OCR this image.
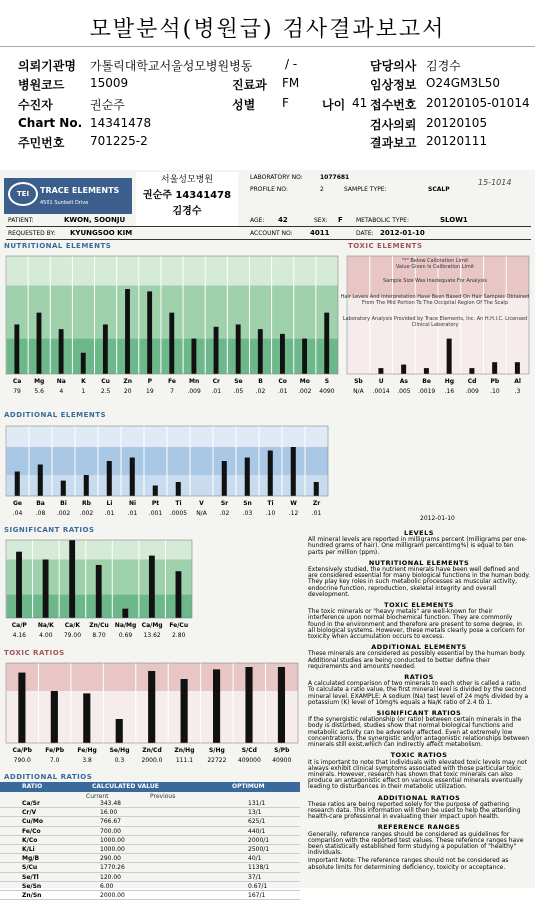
모발분석(병원급) 검사결과보고서
의뢰기관명 가톨릭대학교서울성모병원병동	/ -	담당의사 김경수
병원코드 15009	진료과 FM	임상정보 O24GM3L50
수진자	권순주	성별 F	나이 41 접수번호 20120105-01014
Chart No. 14341478	검사의뢰 20120105
주민번호 701225-2	결과보고 20120111
TEI	TRACE ELEMENTS
4501 Sunbelt Drive
서울성모병원
권순주 14341478
김경수
15-1014
LABORATORY NO:	1077681
PROFILE NO:	2	SAMPLE TYPE:	SCALP
PATIENT:	KWON, SOONJU	AGE: 42	SEX: F METABOLIC TYPE:	SLOW1
REQUESTED BY: KYUNGSOO KIM	ACCOUNT NO: 4011	DATE: 2012-01-10
NUTRITIONAL ELEMENTS	TOXIC ELEMENTS
ADDITIONAL ELEMENTS
SIGNIFICANT RATIOS
TOXIC RATIOS
ADDITIONAL RATIOS
Ca
79
Mg
5.6
Na
4
K
1
Cu
2.5
Zn
20
P
19
Fe
7
Mn
.009
Cr
.01
Se
.05
B
.02
Co
.01
Mo
.002
S
4090
Sb
N/A
U
.0014
As
.005
Be
.0019
Hg
.16
Cd
.009
Pb
.10
Al
.3
Ge
.04
Ba
.08
Bi
.002
Rb
.002
Li
.01
Ni
.01
Pt
.001
Ti
.0005
V
N/A
Sr
.02
Sn
.03
Ti
.10
W
.12
Zr
.01
2012-01-10
Ca/P
4.16
Na/K
4.00
Ca/K
79.00
Zn/Cu
8.70
Na/Mg
0.69
Ca/Mg
13.62
Fe/Cu
2.80
Ca/Pb
790.0
Fe/Pb
7.0
Fe/Hg
3.8
Se/Hg
0.3
Zn/Cd
2000.0
Zn/Hg
111.1
S/Hg
22722
S/Cd
409000
S/Pb
40900
"*" Below Calibration Limit
Value Given Is Calibration Limit
Sample Size Was Inadequate For Analysis
Hair Levels And Interpretation Have Been Based On Hair Samples Obtained From The Mid Portion To The Occipital Region Of The Scalp
Laboratory Analysis Provided by Trace Elements, Inc. An H.H.I.C. Licensed Clinical Laboratory
LEVELS

All mineral levels are reported in milligrams percent (milligrams per one-hundred grams of hair). One milligram percent(mg%) is equal to ten parts per million (ppm).

NUTRITIONAL ELEMENTS

Extensively studied, the nutrient minerals have been well defined and are considered essential for many biological functions in the human body. They play key roles in such metabolic processes as muscular activity, endocrine function, reproduction, skeletal integrity and overall development.

TOXIC ELEMENTS

The toxic minerals or "heavy metals" are well-known for their interference upon normal biochemical function. They are commonly found in the environment and therefore are present to some degree, in all biological systems. However, these metals clearly pose a concern for toxicity when accumulation occurs to excess.

ADDITIONAL ELEMENTS

These minerals are considered as possibly essential by the human body. Additional studies are being conducted to better define their requirements and amounts needed.

RATIOS

A calculated comparison of two minerals to each other is called a ratio. To calculate a ratio value, the first mineral level is divided by the second mineral level. EXAMPLE: A sodium (Na) test level of 24 mg% divided by a potassium (K) level of 10mg% equals a Na/K ratio of 2.4 to 1.

SIGNIFICANT RATIOS

If the synergistic relationship (or ratio) between certain minerals in the body is disturbed, studies show that normal biological functions and metabolic activity can be adversely affected. Even at extremely low concentrations, the synergistic and/or antagonistic relationships between minerals still exist,which can indirectly affect metabolism.

TOXIC RATIOS

It is important to note that individuals with elevated toxic levels may not always exhibit clinical symptoms associated with those particular toxic minerals. However, research has shown that toxic minerals can also produce an antagonistic effect on various essential minerals eventually leading to disturbances in their metabolic utilization.

ADDITIONAL RATIOS

These ratios are being reported solely for the purpose of gathering research data. This information will then be used to help the attending health-care professional in evaluating their impact upon health.

REFERENCE RANGES

Generally, reference ranges should be considered as guidelines for comparison with the reported test values. These reference ranges have been statistically established form studying a population of "healthy" individuals.

Important Note: The reference ranges should not be considered as absolute limits for determining deficiency, toxicity or acceptance.

RATIO	CALCULATED VALUE	OPTIMUM
Current	Previous
Ca/Sr	343.48	131/1
Cr/V	16.00	13/1
Cu/Mo	766.67	625/1
Fe/Co	700.00	440/1
K/Co	1000.00	2000/1
K/Li	1000.00	2500/1
Mg/B	290.00	40/1
S/Cu	1770.26	1138/1
Se/Tl	120.00	37/1
Se/Sn	6.00	0.67/1
Zn/Sn	2000.00	167/1
